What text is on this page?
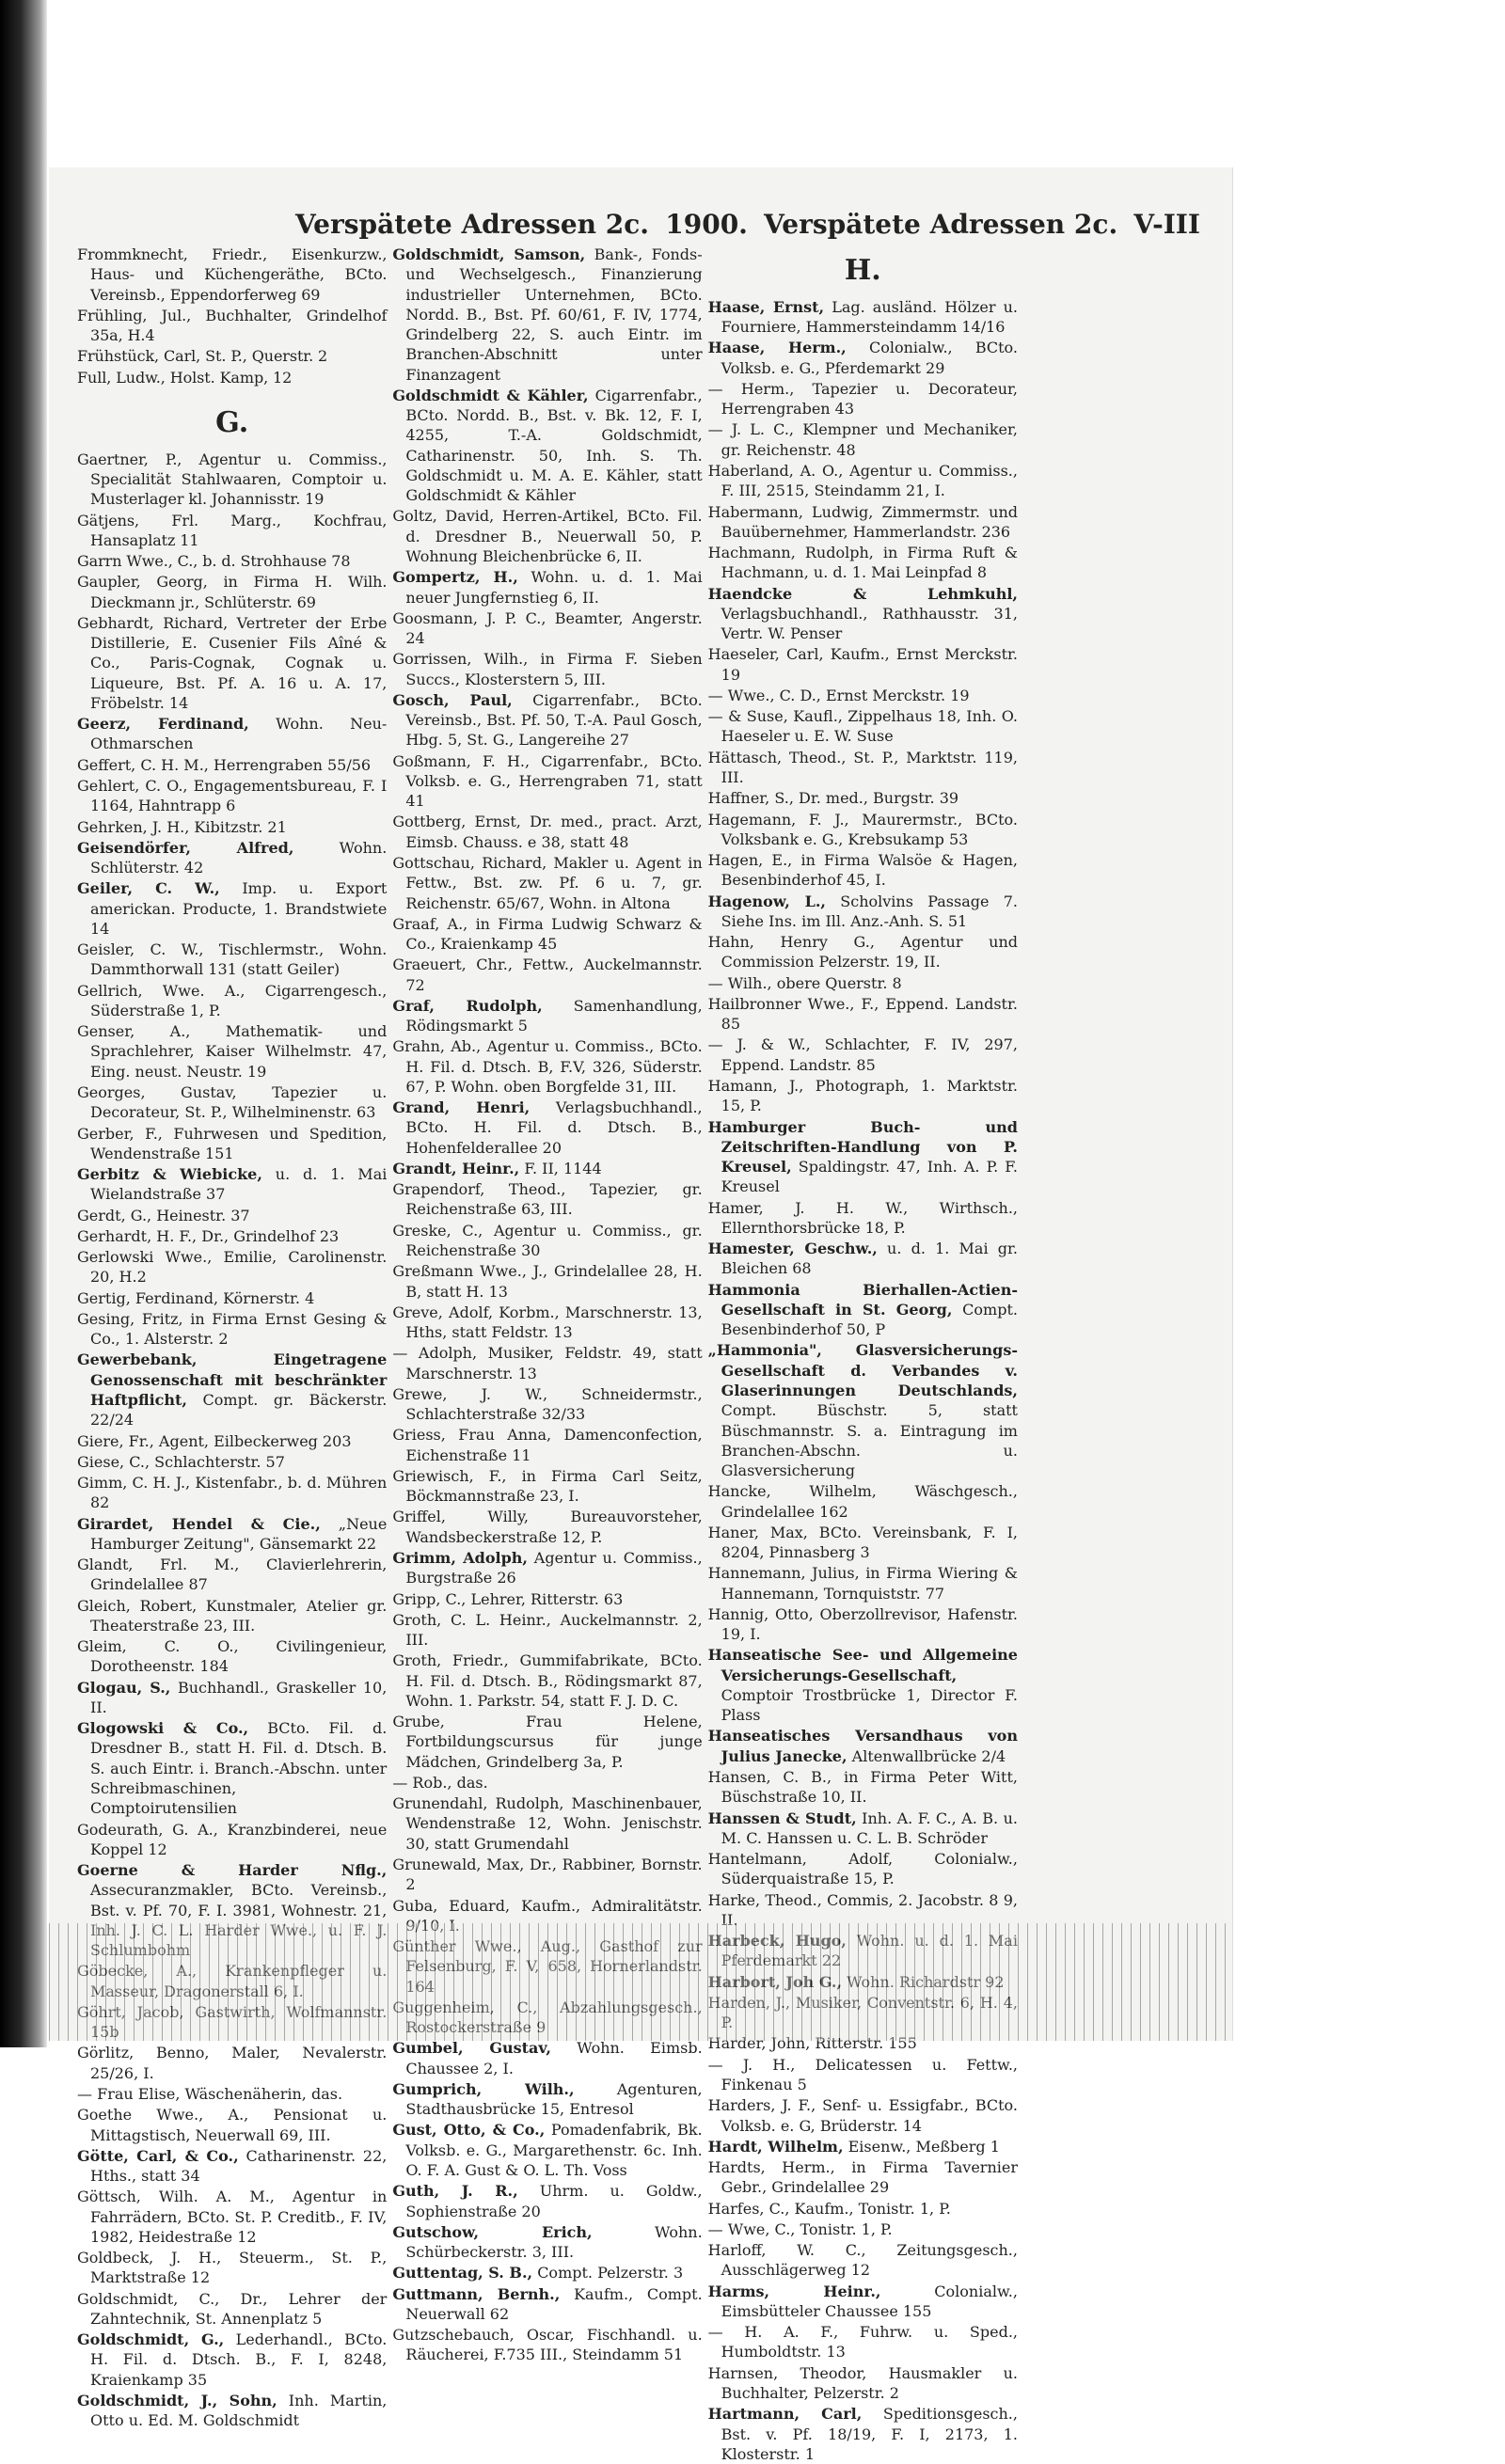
Verspätete Adressen 2c. 1900. Verspätete Adressen 2c. V-III

Frommknecht, Friedr., Eisenkurzw., Haus- und Küchengeräthe, BCto. Vereinsb., Eppendorferweg 69

Frühling, Jul., Buchhalter, Grindelhof 35a, H.4

Frühstück, Carl, St. P., Querstr. 2

Full, Ludw., Holst. Kamp, 12

G.

Gaertner, P., Agentur u. Commiss., Specialität Stahlwaaren, Comptoir u. Musterlager kl. Johannisstr. 19

Gätjens, Frl. Marg., Kochfrau, Hansaplatz 11

Garrn Wwe., C., b. d. Strohhause 78

Gaupler, Georg, in Firma H. Wilh. Dieckmann jr., Schlüterstr. 69

Gebhardt, Richard, Vertreter der Erbe Distillerie, E. Cusenier Fils Aîné & Co., Paris-Cognak, Cognak u. Liqueure, Bst. Pf. A. 16 u. A. 17, Fröbelstr. 14

Geerz, Ferdinand, Wohn. Neu-Othmarschen

Geffert, C. H. M., Herrengraben 55/56

Gehlert, C. O., Engagementsbureau, F. I 1164, Hahntrapp 6

Gehrken, J. H., Kibitzstr. 21

Geisendörfer, Alfred,	Wohn. Schlüterstr. 42

Geiler, C. W., Imp. u. Export americkan. Producte, 1. Brandstwiete 14

Geisler, C. W., Tischlermstr., Wohn. Dammthorwall 131 (statt Geiler)

Gellrich, Wwe. A., Cigarrengesch., Süderstraße 1, P.

Genser, A., Mathematik- und Sprachlehrer, Kaiser Wilhelmstr. 47, Eing. neust. Neustr. 19

Georges, Gustav, Tapezier u. Decorateur, St. P., Wilhelminenstr. 63

Gerber, F., Fuhrwesen und Spedition, Wendenstraße 151

Gerbitz & Wiebicke, u. d. 1. Mai Wielandstraße 37

Gerdt, G., Heinestr. 37

Gerhardt, H. F., Dr., Grindelhof 23

Gerlowski Wwe., Emilie, Carolinenstr. 20, H.2

Gertig, Ferdinand, Körnerstr. 4

Gesing, Fritz, in Firma Ernst Gesing & Co., 1. Alsterstr. 2

Gewerbebank, Eingetragene Genossenschaft mit beschränkter Haftpflicht, Compt. gr. Bäckerstr. 22/24

Giere, Fr., Agent, Eilbeckerweg 203

Giese, C., Schlachterstr. 57

Gimm, C. H. J., Kistenfabr., b. d. Mühren 82

Girardet, Hendel & Cie., „Neue Hamburger Zeitung", Gänsemarkt 22

Glandt, Frl. M., Clavierlehrerin, Grindelallee 87

Gleich, Robert, Kunstmaler, Atelier gr. Theaterstraße 23, III.

Gleim, C. O., Civilingenieur, Dorotheenstr. 184

Glogau, S., Buchhandl., Graskeller 10, II.

Glogowski & Co., BCto. Fil. d. Dresdner B., statt H. Fil. d. Dtsch. B. S. auch Eintr. i. Branch.-Abschn. unter Schreibmaschinen, Comptoirutensilien

Godeurath, G. A., Kranzbinderei, neue Koppel 12

Goerne & Harder Nflg., Assecuranzmakler, BCto. Vereinsb., Bst. v. Pf. 70, F. I. 3981, Wohnestr. 21, Inh. J. C. L. Harder Wwe., u. F. J. Schlumbohm

Göbecke, A., Krankenpfleger u. Masseur, Dragonerstall 6, I.

Göhrt, Jacob, Gastwirth, Wolfmannstr. 15b

Görlitz, Benno, Maler, Nevalerstr. 25/26, I.

— Frau Elise, Wäschenäherin, das.

Goethe Wwe., A., Pensionat u. Mittagstisch, Neuerwall 69, III.

Götte, Carl, & Co., Catharinenstr. 22, Hths., statt 34

Göttsch, Wilh. A. M., Agentur in Fahrrädern, BCto. St. P. Creditb., F. IV, 1982, Heidestraße 12

Goldbeck, J. H., Steuerm., St. P., Marktstraße 12

Goldschmidt, C., Dr., Lehrer der Zahntechnik, St. Annenplatz 5

Goldschmidt, G., Lederhandl., BCto. H. Fil. d. Dtsch. B., F. I, 8248, Kraienkamp 35

Goldschmidt, J., Sohn, Inh. Martin, Otto u. Ed. M. Goldschmidt

Goldschmidt, Samson, Bank-, Fonds- und Wechselgesch., Finanzierung industrieller Unternehmen, BCto. Nordd. B., Bst. Pf. 60/61, F. IV, 1774, Grindelberg 22, S. auch Eintr. im Branchen-Abschnitt unter Finanzagent

Goldschmidt & Kähler, Cigarrenfabr., BCto. Nordd. B., Bst. v. Bk. 12, F. I, 4255, T.-A. Goldschmidt, Catharinenstr. 50, Inh. S. Th. Goldschmidt u. M. A. E. Kähler, statt Goldschmidt & Kähler

Goltz, David, Herren-Artikel, BCto. Fil. d. Dresdner B., Neuerwall 50, P. Wohnung Bleichenbrücke 6, II.

Gompertz, H., Wohn. u. d. 1. Mai neuer Jungfernstieg 6, II.

Goosmann, J. P. C., Beamter, Angerstr. 24

Gorrissen, Wilh., in Firma F. Sieben Succs., Klosterstern 5, III.

Gosch, Paul, Cigarrenfabr., BCto. Vereinsb., Bst. Pf. 50, T.-A. Paul Gosch, Hbg. 5, St. G., Langereihe 27

Goßmann, F. H., Cigarrenfabr., BCto. Volksb. e. G., Herrengraben 71, statt 41

Gottberg, Ernst, Dr. med., pract. Arzt, Eimsb. Chauss. e 38, statt 48

Gottschau, Richard, Makler u. Agent in Fettw., Bst. zw. Pf. 6 u. 7, gr. Reichenstr. 65/67, Wohn. in Altona

Graaf, A., in Firma Ludwig Schwarz & Co., Kraienkamp 45

Graeuert, Chr., Fettw., Auckelmannstr. 72

Graf, Rudolph, Samenhandlung, Rödingsmarkt 5

Grahn, Ab., Agentur u. Commiss., BCto. H. Fil. d. Dtsch. B, F.V, 326, Süderstr. 67, P. Wohn. oben Borgfelde 31, III.

Grand, Henri, Verlagsbuchhandl., BCto. H. Fil. d. Dtsch. B., Hohenfelderallee 20

Grandt, Heinr., F. II, 1144

Grapendorf, Theod., Tapezier, gr. Reichenstraße 63, III.

Greske, C., Agentur u. Commiss., gr. Reichenstraße 30

Greßmann Wwe., J., Grindelallee 28, H. B, statt H. 13

Greve, Adolf, Korbm., Marschnerstr. 13, Hths, statt Feldstr. 13

— Adolph, Musiker, Feldstr. 49, statt Marschnerstr. 13

Grewe, J. W., Schneidermstr., Schlachterstraße 32/33

Griess, Frau Anna, Damenconfection, Eichenstraße 11

Griewisch, F., in Firma Carl Seitz, Böckmannstraße 23, I.

Griffel, Willy,	Bureauvorsteher, Wandsbeckerstraße 12, P.

Grimm, Adolph, Agentur u. Commiss., Burgstraße 26

Gripp, C., Lehrer, Ritterstr. 63

Groth, C. L. Heinr., Auckelmannstr. 2, III.

Groth, Friedr., Gummifabrikate, BCto. H. Fil. d. Dtsch. B., Rödingsmarkt 87, Wohn. 1. Parkstr. 54, statt F. J. D. C.

Grube, Frau Helene, Fortbildungscursus für junge Mädchen, Grindelberg 3a, P.

— Rob., das.

Grunendahl, Rudolph, Maschinenbauer, Wendenstraße 12, Wohn. Jenischstr. 30, statt Grumendahl

Grunewald, Max, Dr., Rabbiner, Bornstr. 2

Guba, Eduard, Kaufm., Admiralitätstr. 9/10, I.

Günther Wwe., Aug., Gasthof zur Felsenburg, F. V, 658, Hornerlandstr. 164

Guggenheim, C., Abzahlungsgesch., Rostockerstraße 9

Gumbel, Gustav, Wohn. Eimsb. Chaussee 2, I.

Gumprich, Wilh.,	Agenturen, Stadthausbrücke 15, Entresol

Gust, Otto, & Co., Pomadenfabrik, Bk. Volksb. e. G., Margarethenstr. 6c. Inh. O. F. A. Gust & O. L. Th. Voss

Guth, J. R., Uhrm. u. Goldw., Sophienstraße 20

Gutschow, Erich,	Wohn. Schürbeckerstr. 3, III.

Guttentag, S. B., Compt. Pelzerstr. 3

Guttmann, Bernh., Kaufm., Compt. Neuerwall 62

Gutzschebauch, Oscar, Fischhandl. u. Räucherei, F.735 III., Steindamm 51

H.

Haase, Ernst, Lag. ausländ. Hölzer u. Fourniere, Hammersteindamm 14/16

Haase, Herm., Colonialw., BCto. Volksb. e. G., Pferdemarkt 29

— Herm., Tapezier u. Decorateur, Herrengraben 43

— J. L. C., Klempner und Mechaniker, gr. Reichenstr. 48

Haberland, A. O., Agentur u. Commiss., F. III, 2515, Steindamm 21, I.

Habermann, Ludwig, Zimmermstr. und Bauübernehmer, Hammerlandstr. 236

Hachmann, Rudolph, in Firma Ruft & Hachmann, u. d. 1. Mai Leinpfad 8

Haendcke & Lehmkuhl, Verlagsbuchhandl., Rathhausstr. 31, Vertr. W. Penser

Haeseler, Carl, Kaufm., Ernst Merckstr. 19

— Wwe., C. D., Ernst Merckstr. 19

— & Suse, Kaufl., Zippelhaus 18, Inh. O. Haeseler u. E. W. Suse

Hättasch, Theod., St. P., Marktstr. 119, III.

Haffner, S., Dr. med., Burgstr. 39

Hagemann, F. J., Maurermstr., BCto. Volksbank e. G., Krebsukamp 53

Hagen, E., in Firma Walsöe & Hagen, Besenbinderhof 45, I.

Hagenow, L., Scholvins Passage 7. Siehe Ins. im Ill. Anz.-Anh. S. 51

Hahn, Henry G., Agentur und Commission Pelzerstr. 19, II.

— Wilh., obere Querstr. 8

Hailbronner Wwe., F., Eppend. Landstr. 85

— J. & W., Schlachter, F. IV, 297, Eppend. Landstr. 85

Hamann, J., Photograph, 1. Marktstr. 15, P.

Hamburger Buch- und Zeitschriften-Handlung von P. Kreusel, Spaldingstr. 47, Inh. A. P. F. Kreusel

Hamer, J. H. W., Wirthsch., Ellernthorsbrücke 18, P.

Hamester, Geschw., u. d. 1. Mai gr. Bleichen 68

Hammonia Bierhallen-Actien-Gesellschaft in St. Georg, Compt. Besenbinderhof 50, P

„Hammonia", Glasversicherungs-Gesellschaft d. Verbandes v. Glaserinnungen Deutschlands, Compt. Büschstr. 5, statt Büschmannstr. S. a. Eintragung im Branchen-Abschn. u. Glasversicherung

Hancke, Wilhelm,	Wäschgesch., Grindelallee 162

Haner, Max, BCto. Vereinsbank, F. I, 8204, Pinnasberg 3

Hannemann, Julius, in Firma Wiering & Hannemann, Tornquiststr. 77

Hannig, Otto, Oberzollrevisor, Hafenstr. 19, I.

Hanseatische See- und Allgemeine Versicherungs-Gesellschaft, Comptoir Trostbrücke 1, Director F. Plass

Hanseatisches Versandhaus von Julius Janecke, Altenwallbrücke 2/4

Hansen, C. B., in Firma Peter Witt, Büschstraße 10, II.

Hanssen & Studt, Inh. A. F. C., A. B. u. M. C. Hanssen u. C. L. B. Schröder

Hantelmann, Adolf,	Colonialw., Süderquaistraße 15, P.

Harke, Theod., Commis, 2. Jacobstr. 8 9, II.

Harbeck, Hugo, Wohn. u. d. 1. Mai Pferdemarkt 22

Harbort, Joh G., Wohn. Richardstr 92

Harden, J., Musiker, Conventstr. 6, H. 4, P.

Harder, John, Ritterstr. 155

— J. H., Delicatessen u. Fettw., Finkenau 5

Harders, J. F., Senf- u. Essigfabr., BCto. Volksb. e. G, Brüderstr. 14

Hardt, Wilhelm, Eisenw., Meßberg 1

Hardts, Herm., in Firma Tavernier Gebr., Grindelallee 29

Harfes, C., Kaufm., Tonistr. 1, P.

— Wwe, C., Tonistr. 1, P.

Harloff, W. C., Zeitungsgesch., Ausschlägerweg 12

Harms, Heinr.,	Colonialw., Eimsbütteler Chaussee 155

— H. A. F., Fuhrw. u. Sped., Humboldtstr. 13

Harnsen, Theodor, Hausmakler u. Buchhalter, Pelzerstr. 2

Hartmann, Carl, Speditionsgesch., Bst. v. Pf. 18/19, F. I, 2173, 1. Klosterstr. 1
